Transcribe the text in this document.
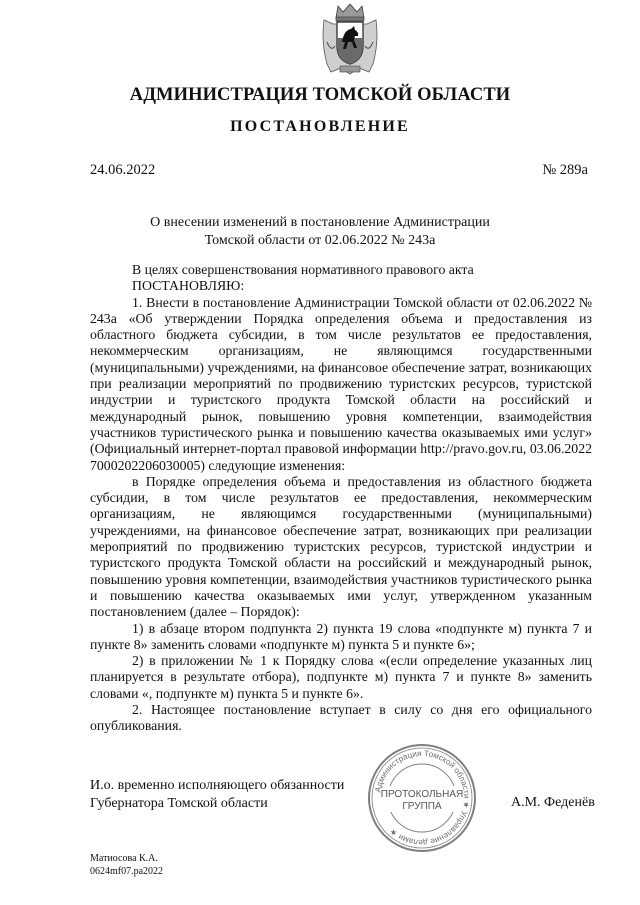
АДМИНИСТРАЦИЯ ТОМСКОЙ ОБЛАСТИ
ПОСТАНОВЛЕНИЕ
24.06.2022	№ 289а
О внесении изменений в постановление Администрации
Томской области от 02.06.2022 № 243а

В целях совершенствования нормативного правового акта

ПОСТАНОВЛЯЮ:

1. Внести в постановление Администрации Томской области от 02.06.2022 № 243а «Об утверждении Порядка определения объема и предоставления из областного бюджета субсидии, в том числе результатов ее предоставления, некоммерческим организациям, не являющимся государственными (муниципальными) учреждениями, на финансовое обеспечение затрат, возникающих при реализации мероприятий по продвижению туристских ресурсов, туристской индустрии и туристского продукта Томской области на российский и международный рынок, повышению уровня компетенции, взаимодействия участников туристического рынка и повышению качества оказываемых ими услуг» (Официальный интернет-портал правовой информации http://pravo.gov.ru, 03.06.2022 7000202206030005) следующие изменения:

в Порядке определения объема и предоставления из областного бюджета субсидии, в том числе результатов ее предоставления, некоммерческим организациям, не являющимся государственными (муниципальными) учреждениями, на финансовое обеспечение затрат, возникающих при реализации мероприятий по продвижению туристских ресурсов, туристской индустрии и туристского продукта Томской области на российский и международный рынок, повышению уровня компетенции, взаимодействия участников туристического рынка и повышению качества оказываемых ими услуг, утвержденном указанным постановлением (далее – Порядок):

1) в абзаце втором подпункта 2) пункта 19 слова «подпункте м) пункта 7 и пункте 8» заменить словами «подпункте м) пункта 5 и пункте 6»;

2) в приложении № 1 к Порядку слова «(если определение указанных лиц планируется в результате отбора), подпункте м) пункта 7 и пункте 8» заменить словами «, подпункте м) пункта 5 и пункте 6».

2. Настоящее постановление вступает в силу со дня его официального опубликования.

И.о. временно исполняющего обязанности
Губернатора Томской области	А.М. Феденёв
Администрация Томской области ★ Управление делами ★
ПРОТОКОЛЬНАЯ
ГРУППА
Матиосова К.А.
0624mf07.pa2022
